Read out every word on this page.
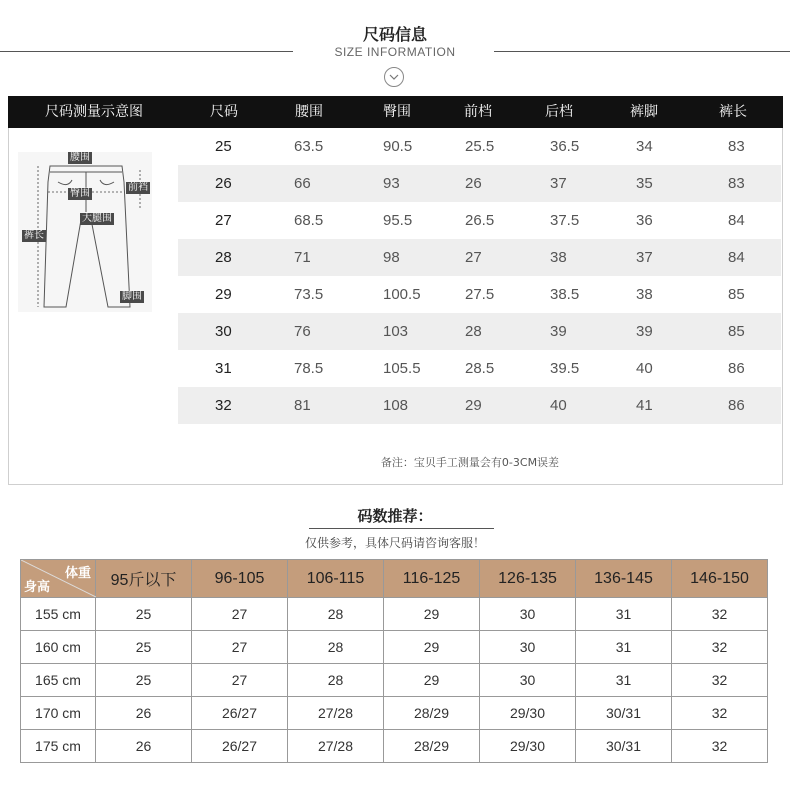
尺码信息
SIZE INFORMATION
尺码测量示意图	尺码	腰围	臀围	前档	后档	裤脚	裤长
25	63.5	90.5	25.5	36.5	34	83
26	66	93	26	37	35	83
27	68.5	95.5	26.5	37.5	36	84
28	71	98	27	38	37	84
29	73.5	100.5	27.5	38.5	38	85
30	76	103	28	39	39	85
31	78.5	105.5	28.5	39.5	40	86
32	81	108	29	40	41	86
腰围
臀围
前裆
大腿围
裤长
脚围
备注：宝贝手工测量会有0-3CM误差
码数推荐：
仅供参考，具体尺码请咨询客服！
体重
身高	95斤以下	96-105	106-115	116-125	126-135	136-145	146-150
155 cm	25	27	28	29	30	31	32
160 cm	25	27	28	29	30	31	32
165 cm	25	27	28	29	30	31	32
170 cm	26	26/27	27/28	28/29	29/30	30/31	32
175 cm	26	26/27	27/28	28/29	29/30	30/31	32
